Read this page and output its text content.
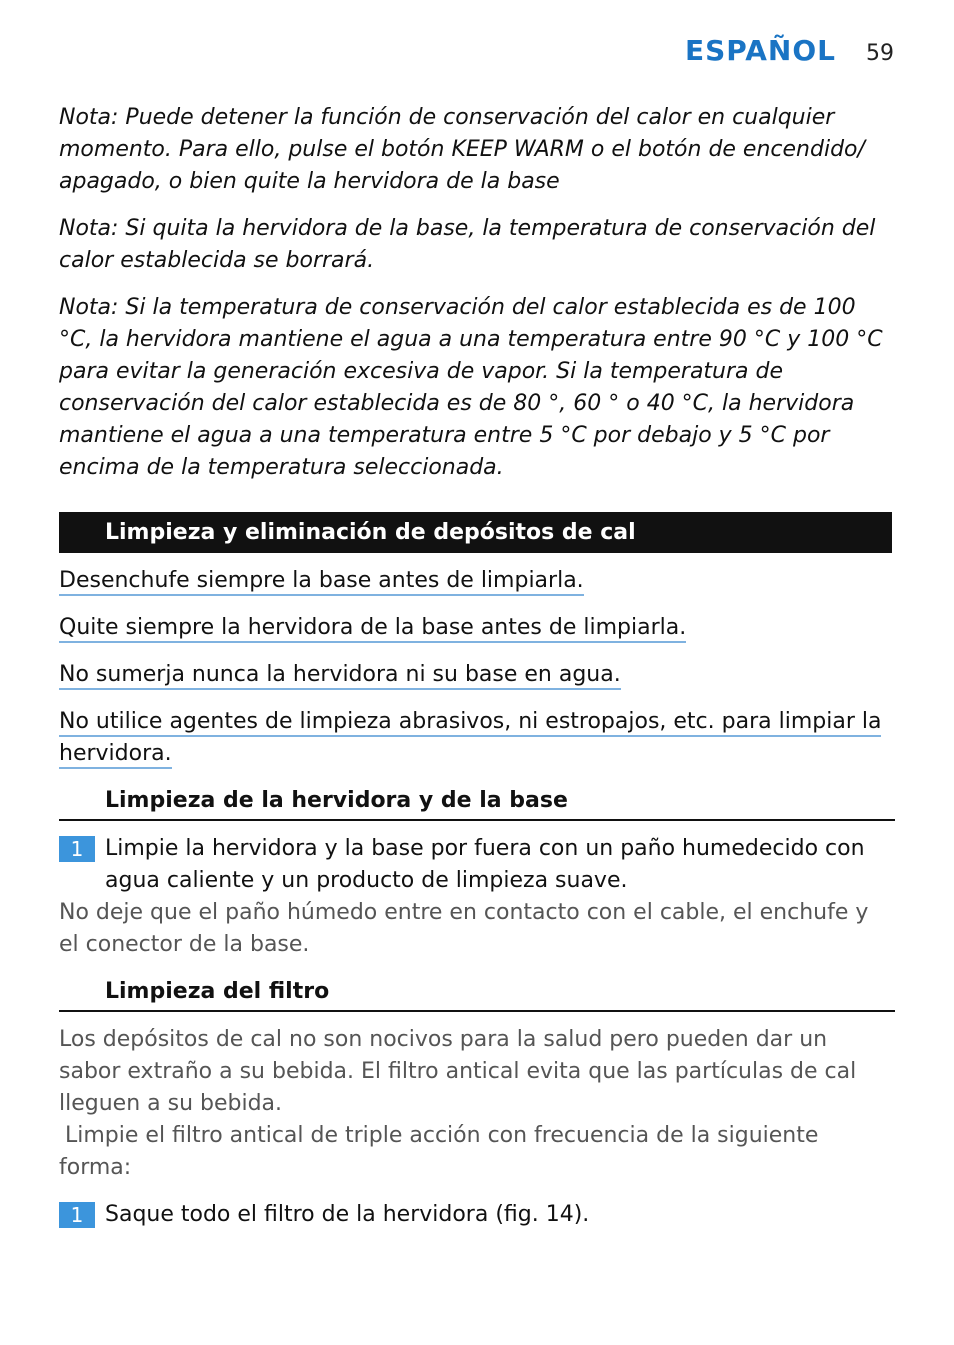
ESPAÑOL 59

Nota: Puede detener la función de conservación del calor en cualquier momento. Para ello, pulse el botón KEEP WARM o el botón de encendido/ apagado, o bien quite la hervidora de la base

Nota: Si quita la hervidora de la base, la temperatura de conservación del calor establecida se borrará.

Nota: Si la temperatura de conservación del calor establecida es de 100 °C, la hervidora mantiene el agua a una temperatura entre 90 °C y 100 °C para evitar la generación excesiva de vapor. Si la temperatura de conservación del calor establecida es de 80 °, 60 ° o 40 °C, la hervidora mantiene el agua a una temperatura entre 5 °C por debajo y 5 °C por encima de la temperatura seleccionada.

Limpieza y eliminación de depósitos de cal

Desenchufe siempre la base antes de limpiarla.

Quite siempre la hervidora de la base antes de limpiarla.

No sumerja nunca la hervidora ni su base en agua.

No utilice agentes de limpieza abrasivos, ni estropajos, etc. para limpiar la hervidora.

Limpieza de la hervidora y de la base
1 Limpie la hervidora y la base por fuera con un paño humedecido con agua caliente y un producto de limpieza suave.

No deje que el paño húmedo entre en contacto con el cable, el enchufe y el conector de la base.

Limpieza del filtro

Los depósitos de cal no son nocivos para la salud pero pueden dar un sabor extraño a su bebida. El filtro antical evita que las partículas de cal lleguen a su bebida.

Limpie el filtro antical de triple acción con frecuencia de la siguiente forma:

1 Saque todo el filtro de la hervidora (fig. 14).
